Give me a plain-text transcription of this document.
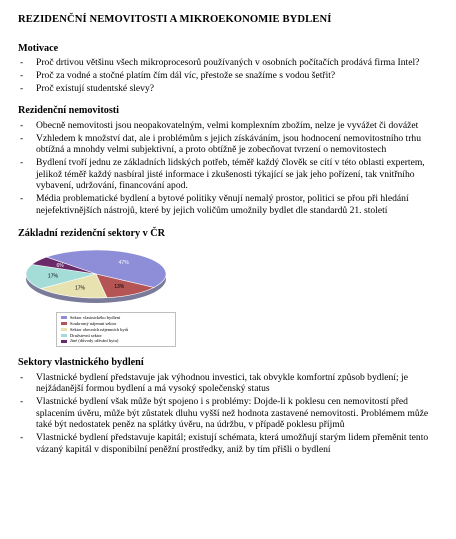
REZIDENČNÍ NEMOVITOSTI A MIKROEKONOMIE BYDLENÍ
Motivace
- Proč drtivou většinu všech mikroprocesorů používaných v osobních počítačích prodává firma Intel?
- Proč za vodné a stočné platím čím dál víc, přestože se snažíme s vodou šetřit?
- Proč existují studentské slevy?
Rezidenční nemovitosti
- Obecně nemovitosti jsou neopakovatelným, velmi komplexním zbožím, nelze je vyvážet či dovážet
- Vzhledem k množství dat, ale i problémům s jejich získáváním, jsou hodnocení nemovitostního trhu obtížná a mnohdy velmi subjektivní, a proto obtížně je zobecňovat tvrzení o nemovitostech
- Bydlení tvoří jednu ze základních lidských potřeb, téměř každý člověk se cítí v této oblasti expertem, jelikož téměř každý nasbíral jisté informace i zkušenosti týkající se jak jeho pořízení, tak vnitřního vybavení, udržování, financování apod.
- Média problematické bydlení a bytové politiky věnují nemalý prostor, politici se přou při hledání nejefektivnějších nástrojů, které by jejich voličům umožnily bydlet dle standardů 21. století
Základní rezidenční sektory v ČR
47%
13%
17%
17%
6%
Sektor vlastnického bydlení
Soukromý nájemní sektor
Sektor obecních nájemních bytů
Družstevní sektor
Jiné (důvody užívání bytu)
Sektory vlastnického bydlení
- Vlastnické bydlení představuje jak výhodnou investici, tak obvykle komfortní způsob bydlení; je nejžádanější formou bydlení a má vysoký společenský status
- Vlastnické bydlení však může být spojeno i s problémy: Dojde-li k poklesu cen nemovitostí před splacením úvěru, může být zůstatek dluhu vyšší než hodnota zastavené nemovitosti. Problémem může také být nedostatek peněz na splátky úvěru, na údržbu, v případě poklesu příjmů
- Vlastnické bydlení představuje kapitál; existují schémata, která umožňují starým lidem přeměnit tento vázaný kapitál v disponibilní peněžní prostředky, aniž by tím přišli o bydlení
